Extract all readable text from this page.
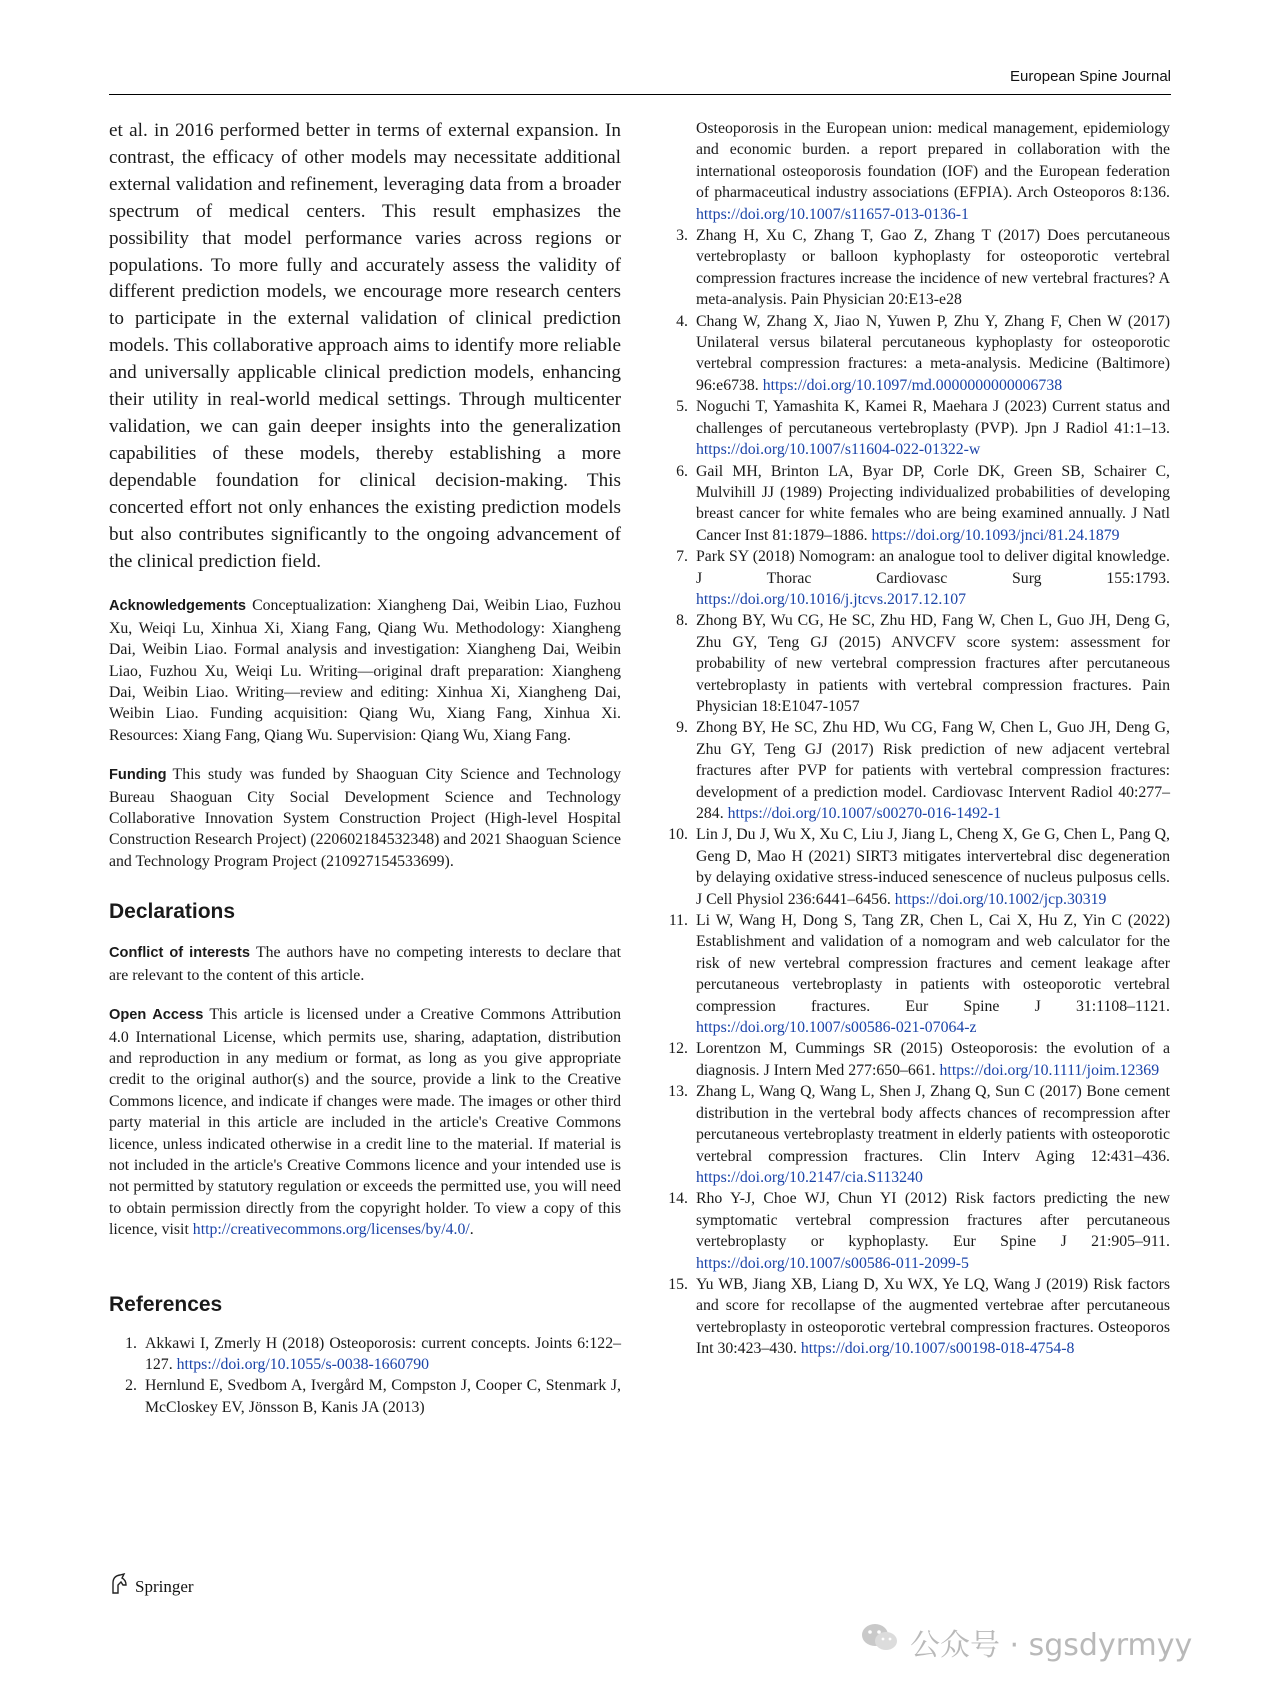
European Spine Journal

et al. in 2016 performed better in terms of external expansion. In contrast, the efficacy of other models may necessitate additional external validation and refinement, leveraging data from a broader spectrum of medical centers. This result emphasizes the possibility that model performance varies across regions or populations. To more fully and accurately assess the validity of different prediction models, we encourage more research centers to participate in the external validation of clinical prediction models. This collaborative approach aims to identify more reliable and universally applicable clinical prediction models, enhancing their utility in real-world medical settings. Through multicenter validation, we can gain deeper insights into the generalization capabilities of these models, thereby establishing a more dependable foundation for clinical decision-making. This concerted effort not only enhances the existing prediction models but also contributes significantly to the ongoing advancement of the clinical prediction field.

Acknowledgements Conceptualization: Xiangheng Dai, Weibin Liao, Fuzhou Xu, Weiqi Lu, Xinhua Xi, Xiang Fang, Qiang Wu. Methodology: Xiangheng Dai, Weibin Liao. Formal analysis and investigation: Xiangheng Dai, Weibin Liao, Fuzhou Xu, Weiqi Lu. Writing—original draft preparation: Xiangheng Dai, Weibin Liao. Writing—review and editing: Xinhua Xi, Xiangheng Dai, Weibin Liao. Funding acquisition: Qiang Wu, Xiang Fang, Xinhua Xi. Resources: Xiang Fang, Qiang Wu. Supervision: Qiang Wu, Xiang Fang.

Funding This study was funded by Shaoguan City Science and Technology Bureau Shaoguan City Social Development Science and Technology Collaborative Innovation System Construction Project (High-level Hospital Construction Research Project) (220602184532348) and 2021 Shaoguan Science and Technology Program Project (210927154533699).

Declarations

Conflict of interests The authors have no competing interests to declare that are relevant to the content of this article.

Open Access This article is licensed under a Creative Commons Attribution 4.0 International License, which permits use, sharing, adaptation, distribution and reproduction in any medium or format, as long as you give appropriate credit to the original author(s) and the source, provide a link to the Creative Commons licence, and indicate if changes were made. The images or other third party material in this article are included in the article's Creative Commons licence, unless indicated otherwise in a credit line to the material. If material is not included in the article's Creative Commons licence and your intended use is not permitted by statutory regulation or exceeds the permitted use, you will need to obtain permission directly from the copyright holder. To view a copy of this licence, visit http://creativecommons.org/licenses/by/4.0/.

References
1. Akkawi I, Zmerly H (2018) Osteoporosis: current concepts. Joints 6:122–127. https://doi.org/10.1055/s-0038-1660790
2. Hernlund E, Svedbom A, Ivergård M, Compston J, Cooper C, Stenmark J, McCloskey EV, Jönsson B, Kanis JA (2013)
Osteoporosis in the European union: medical management, epidemiology and economic burden. a report prepared in collaboration with the international osteoporosis foundation (IOF) and the European federation of pharmaceutical industry associations (EFPIA). Arch Osteoporos 8:136. https://doi.org/10.1007/s11657-013-0136-1
3. Zhang H, Xu C, Zhang T, Gao Z, Zhang T (2017) Does percutaneous vertebroplasty or balloon kyphoplasty for osteoporotic vertebral compression fractures increase the incidence of new vertebral fractures? A meta-analysis. Pain Physician 20:E13-e28
4. Chang W, Zhang X, Jiao N, Yuwen P, Zhu Y, Zhang F, Chen W (2017) Unilateral versus bilateral percutaneous kyphoplasty for osteoporotic vertebral compression fractures: a meta-analysis. Medicine (Baltimore) 96:e6738. https://doi.org/10.1097/md.0000000000006738
5. Noguchi T, Yamashita K, Kamei R, Maehara J (2023) Current status and challenges of percutaneous vertebroplasty (PVP). Jpn J Radiol 41:1–13. https://doi.org/10.1007/s11604-022-01322-w
6. Gail MH, Brinton LA, Byar DP, Corle DK, Green SB, Schairer C, Mulvihill JJ (1989) Projecting individualized probabilities of developing breast cancer for white females who are being examined annually. J Natl Cancer Inst 81:1879–1886. https://doi.org/10.1093/jnci/81.24.1879
7. Park SY (2018) Nomogram: an analogue tool to deliver digital knowledge. J Thorac Cardiovasc Surg 155:1793. https://doi.org/10.1016/j.jtcvs.2017.12.107
8. Zhong BY, Wu CG, He SC, Zhu HD, Fang W, Chen L, Guo JH, Deng G, Zhu GY, Teng GJ (2015) ANVCFV score system: assessment for probability of new vertebral compression fractures after percutaneous vertebroplasty in patients with vertebral compression fractures. Pain Physician 18:E1047-1057
9. Zhong BY, He SC, Zhu HD, Wu CG, Fang W, Chen L, Guo JH, Deng G, Zhu GY, Teng GJ (2017) Risk prediction of new adjacent vertebral fractures after PVP for patients with vertebral compression fractures: development of a prediction model. Cardiovasc Intervent Radiol 40:277–284. https://doi.org/10.1007/s00270-016-1492-1
10. Lin J, Du J, Wu X, Xu C, Liu J, Jiang L, Cheng X, Ge G, Chen L, Pang Q, Geng D, Mao H (2021) SIRT3 mitigates intervertebral disc degeneration by delaying oxidative stress-induced senescence of nucleus pulposus cells. J Cell Physiol 236:6441–6456. https://doi.org/10.1002/jcp.30319
11. Li W, Wang H, Dong S, Tang ZR, Chen L, Cai X, Hu Z, Yin C (2022) Establishment and validation of a nomogram and web calculator for the risk of new vertebral compression fractures and cement leakage after percutaneous vertebroplasty in patients with osteoporotic vertebral compression fractures. Eur Spine J 31:1108–1121. https://doi.org/10.1007/s00586-021-07064-z
12. Lorentzon M, Cummings SR (2015) Osteoporosis: the evolution of a diagnosis. J Intern Med 277:650–661. https://doi.org/10.1111/joim.12369
13. Zhang L, Wang Q, Wang L, Shen J, Zhang Q, Sun C (2017) Bone cement distribution in the vertebral body affects chances of recompression after percutaneous vertebroplasty treatment in elderly patients with osteoporotic vertebral compression fractures. Clin Interv Aging 12:431–436. https://doi.org/10.2147/cia.S113240
14. Rho Y-J, Choe WJ, Chun YI (2012) Risk factors predicting the new symptomatic vertebral compression fractures after percutaneous vertebroplasty or kyphoplasty. Eur Spine J 21:905–911. https://doi.org/10.1007/s00586-011-2099-5
15. Yu WB, Jiang XB, Liang D, Xu WX, Ye LQ, Wang J (2019) Risk factors and score for recollapse of the augmented vertebrae after percutaneous vertebroplasty in osteoporotic vertebral compression fractures. Osteoporos Int 30:423–430. https://doi.org/10.1007/s00198-018-4754-8
Springer
公众号 · sgsdyrmyy
